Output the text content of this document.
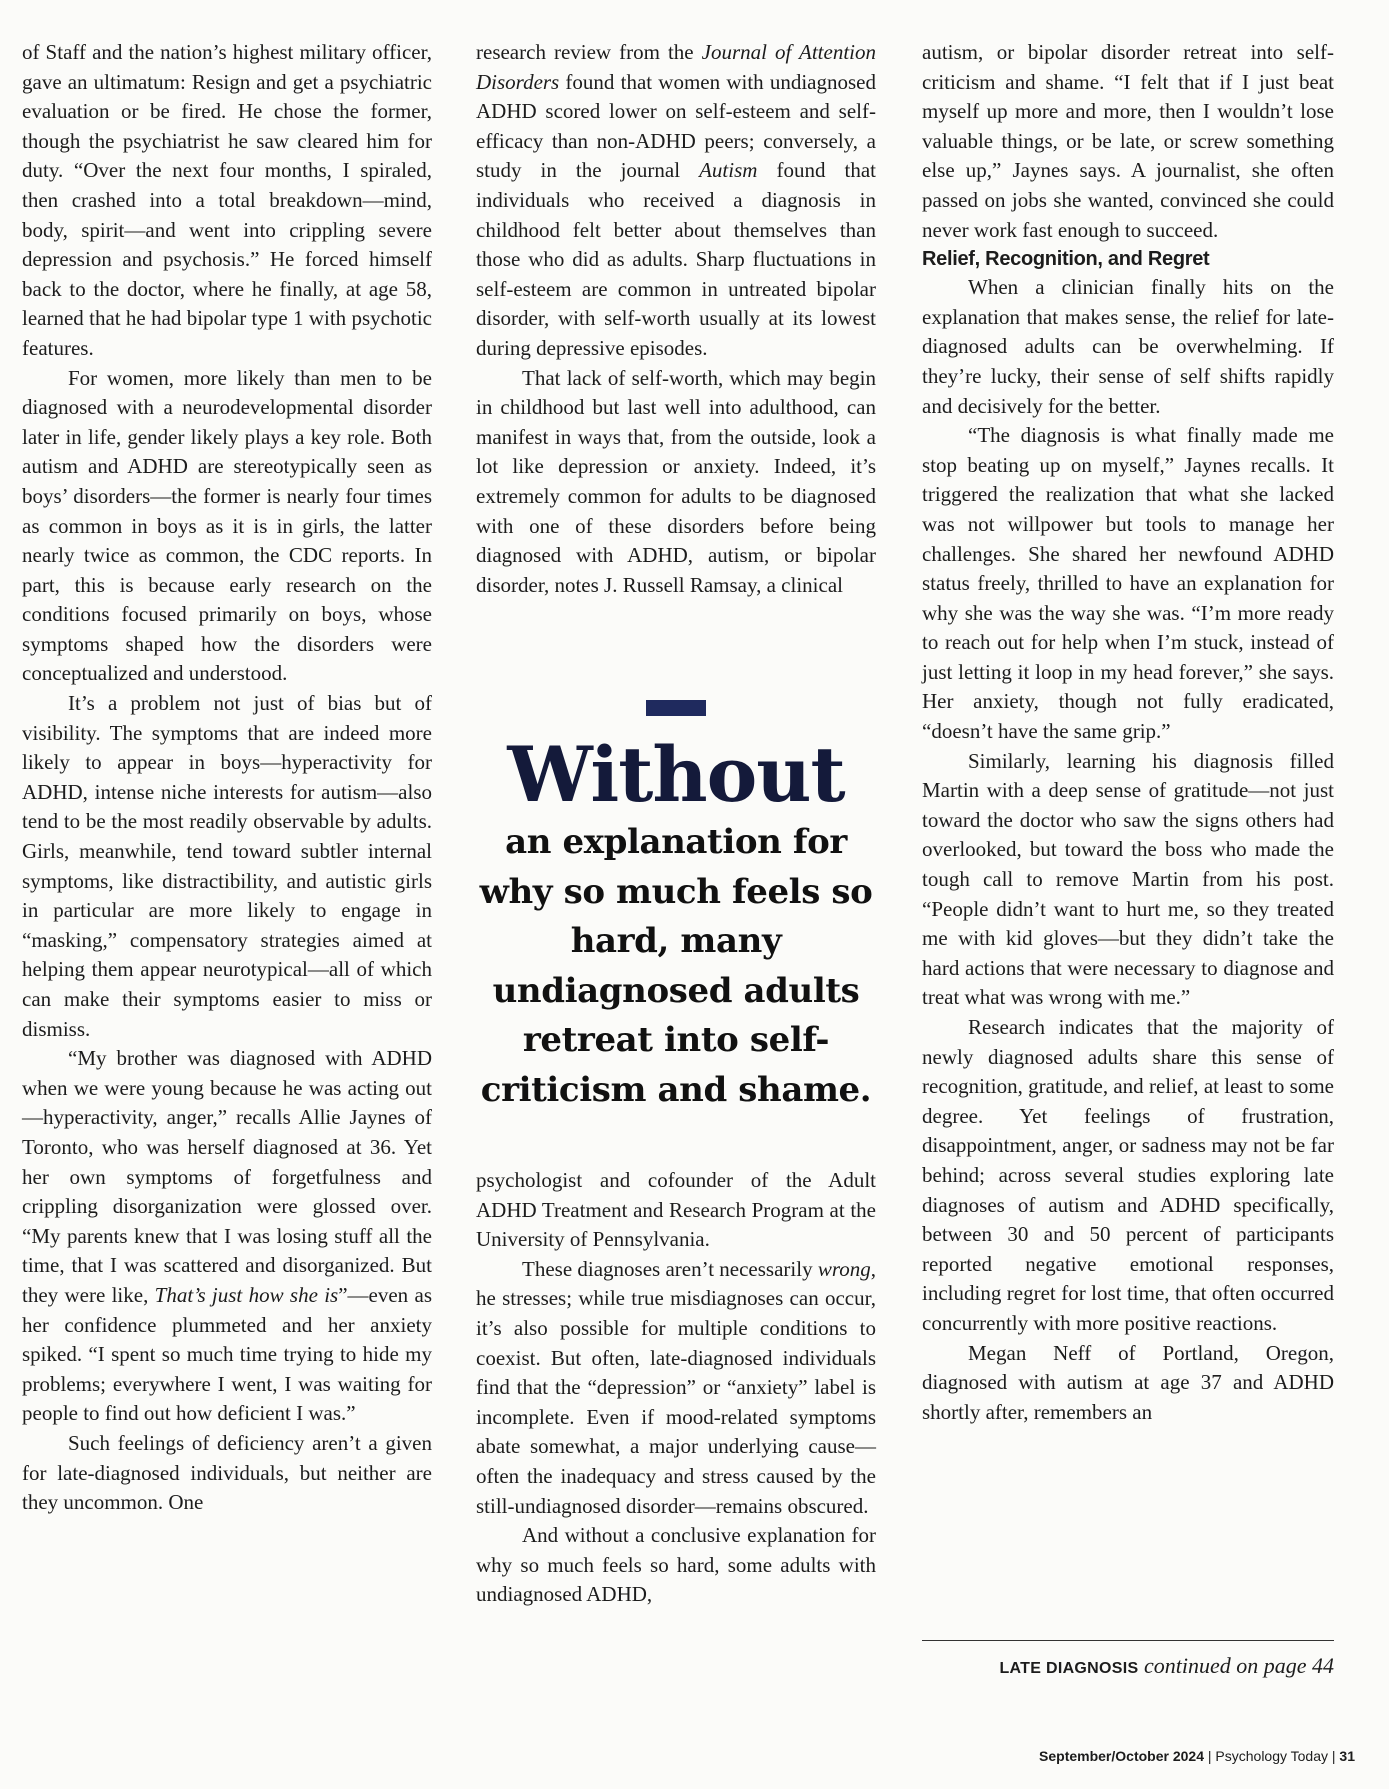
of Staff and the nation’s highest military officer, gave an ultimatum: Resign and get a psychiatric evaluation or be fired. He chose the former, though the psychiatrist he saw cleared him for duty. “Over the next four months, I spiraled, then crashed into a total breakdown—mind, body, spirit—and went into crippling severe depression and psychosis.” He forced himself back to the doctor, where he finally, at age 58, learned that he had bipolar type 1 with psychotic features.

For women, more likely than men to be diagnosed with a neurodevelopmental disorder later in life, gender likely plays a key role. Both autism and ADHD are stereotypically seen as boys’ disorders—the former is nearly four times as common in boys as it is in girls, the latter nearly twice as common, the CDC reports. In part, this is because early research on the conditions focused primarily on boys, whose symptoms shaped how the disorders were conceptualized and understood.

It’s a problem not just of bias but of visibility. The symptoms that are indeed more likely to appear in boys—hyperactivity for ADHD, intense niche interests for autism—also tend to be the most readily observable by adults. Girls, meanwhile, tend toward subtler internal symptoms, like distractibility, and autistic girls in particular are more likely to engage in “masking,” compensatory strategies aimed at helping them appear neurotypical—all of which can make their symptoms easier to miss or dismiss.

“My brother was diagnosed with ADHD when we were young because he was acting out—hyperactivity, anger,” recalls Allie Jaynes of Toronto, who was herself diagnosed at 36. Yet her own symptoms of forgetfulness and crippling disorganization were glossed over. “My parents knew that I was losing stuff all the time, that I was scattered and disorganized. But they were like, That’s just how she is”—even as her confidence plummeted and her anxiety spiked. “I spent so much time trying to hide my problems; everywhere I went, I was waiting for people to find out how deficient I was.”

Such feelings of deficiency aren’t a given for late-diagnosed individuals, but neither are they uncommon. One

research review from the Journal of Attention Disorders found that women with undiagnosed ADHD scored lower on self-esteem and self-efficacy than non-ADHD peers; conversely, a study in the journal Autism found that individuals who received a diagnosis in childhood felt better about themselves than those who did as adults. Sharp fluctuations in self-esteem are common in untreated bipolar disorder, with self-worth usually at its lowest during depressive episodes.

That lack of self-worth, which may begin in childhood but last well into adulthood, can manifest in ways that, from the outside, look a lot like depression or anxiety. Indeed, it’s extremely common for adults to be diagnosed with one of these disorders before being diagnosed with ADHD, autism, or bipolar disorder, notes J. Russell Ramsay, a clinical

Without
an explanation for why so much feels so hard, many undiagnosed adults retreat into self-criticism and shame.

psychologist and cofounder of the Adult ADHD Treatment and Research Program at the University of Pennsylvania.

These diagnoses aren’t necessarily wrong, he stresses; while true misdiagnoses can occur, it’s also possible for multiple conditions to coexist. But often, late-diagnosed individuals find that the “depression” or “anxiety” label is incomplete. Even if mood-related symptoms abate somewhat, a major underlying cause—often the inadequacy and stress caused by the still-undiagnosed disorder—remains obscured.

And without a conclusive explanation for why so much feels so hard, some adults with undiagnosed ADHD,

autism, or bipolar disorder retreat into self-criticism and shame. “I felt that if I just beat myself up more and more, then I wouldn’t lose valuable things, or be late, or screw something else up,” Jaynes says. A journalist, she often passed on jobs she wanted, convinced she could never work fast enough to succeed.

Relief, Recognition, and Regret

When a clinician finally hits on the explanation that makes sense, the relief for late-diagnosed adults can be overwhelming. If they’re lucky, their sense of self shifts rapidly and decisively for the better.

“The diagnosis is what finally made me stop beating up on myself,” Jaynes recalls. It triggered the realization that what she lacked was not willpower but tools to manage her challenges. She shared her newfound ADHD status freely, thrilled to have an explanation for why she was the way she was. “I’m more ready to reach out for help when I’m stuck, instead of just letting it loop in my head forever,” she says. Her anxiety, though not fully eradicated, “doesn’t have the same grip.”

Similarly, learning his diagnosis filled Martin with a deep sense of gratitude—not just toward the doctor who saw the signs others had overlooked, but toward the boss who made the tough call to remove Martin from his post. “People didn’t want to hurt me, so they treated me with kid gloves—but they didn’t take the hard actions that were necessary to diagnose and treat what was wrong with me.”

Research indicates that the majority of newly diagnosed adults share this sense of recognition, gratitude, and relief, at least to some degree. Yet feelings of frustration, disappointment, anger, or sadness may not be far behind; across several studies exploring late diagnoses of autism and ADHD specifically, between 30 and 50 percent of participants reported negative emotional responses, including regret for lost time, that often occurred concurrently with more positive reactions.

Megan Neff of Portland, Oregon, diagnosed with autism at age 37 and ADHD shortly after, remembers an

LATE DIAGNOSIS continued on page 44
September/October 2024 | Psychology Today | 31
